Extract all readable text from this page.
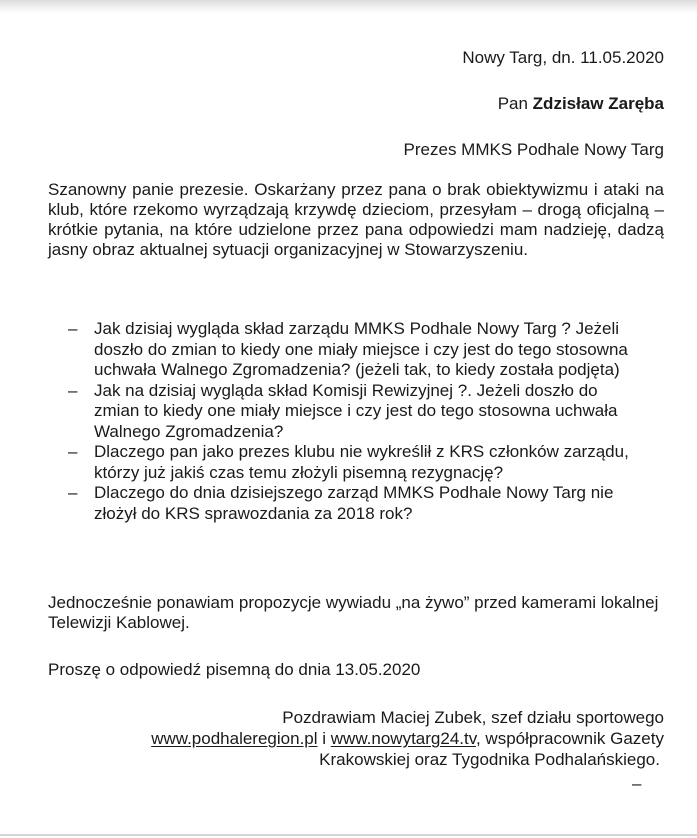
Nowy Targ, dn. 11.05.2020
Pan Zdzisław Zaręba
Prezes MMKS Podhale Nowy Targ

Szanowny panie prezesie. Oskarżany przez pana o brak obiektywizmu i ataki na klub, które rzekomo wyrządzają krzywdę dzieciom, przesyłam – drogą oficjalną – krótkie pytania, na które udzielone przez pana odpowiedzi mam nadzieję, dadzą jasny obraz aktualnej sytuacji organizacyjnej w Stowarzyszeniu.

– Jak dzisiaj wygląda skład zarządu MMKS Podhale Nowy Targ ? Jeżeli doszło do zmian to kiedy one miały miejsce i czy jest do tego stosowna uchwała Walnego Zgromadzenia? (jeżeli tak, to kiedy została podjęta)
– Jak na dzisiaj wygląda skład Komisji Rewizyjnej ?. Jeżeli doszło do zmian to kiedy one miały miejsce i czy jest do tego stosowna uchwała Walnego Zgromadzenia?
– Dlaczego pan jako prezes klubu nie wykreślił z KRS członków zarządu, którzy już jakiś czas temu złożyli pisemną rezygnację?
– Dlaczego do dnia dzisiejszego zarząd MMKS Podhale Nowy Targ nie złożył do KRS sprawozdania za 2018 rok?

Jednocześnie ponawiam propozycje wywiadu „na żywo” przed kamerami lokalnej Telewizji Kablowej.

Proszę o odpowiedź pisemną do dnia 13.05.2020

Pozdrawiam Maciej Zubek, szef działu sportowego
www.podhaleregion.pl i www.nowytarg24.tv, współpracownik Gazety
Krakowskiej oraz Tygodnika Podhalańskiego.
–
